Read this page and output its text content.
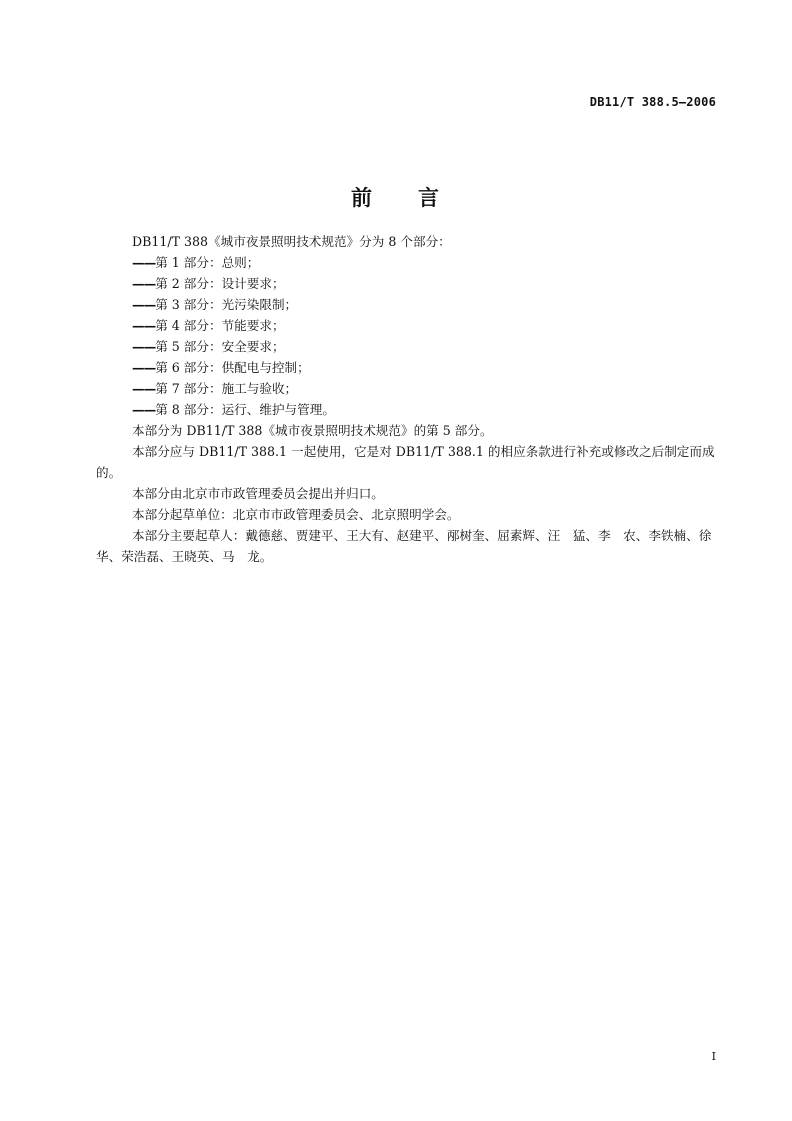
DB11/T 388.5—2006
前 言

DB11/T 388《城市夜景照明技术规范》分为 8 个部分：

——第 1 部分：总则；
——第 2 部分：设计要求；
——第 3 部分：光污染限制；
——第 4 部分：节能要求；
——第 5 部分：安全要求；
——第 6 部分：供配电与控制；
——第 7 部分：施工与验收；
——第 8 部分：运行、维护与管理。

本部分为 DB11/T 388《城市夜景照明技术规范》的第 5 部分。

本部分应与 DB11/T 388.1 一起使用，它是对 DB11/T 388.1 的相应条款进行补充或修改之后制定而成的。

本部分由北京市市政管理委员会提出并归口。

本部分起草单位：北京市市政管理委员会、北京照明学会。

本部分主要起草人：戴德慈、贾建平、王大有、赵建平、邴树奎、屈素辉、汪　猛、李　农、李铁楠、徐　华、荣浩磊、王晓英、马　龙。

I
